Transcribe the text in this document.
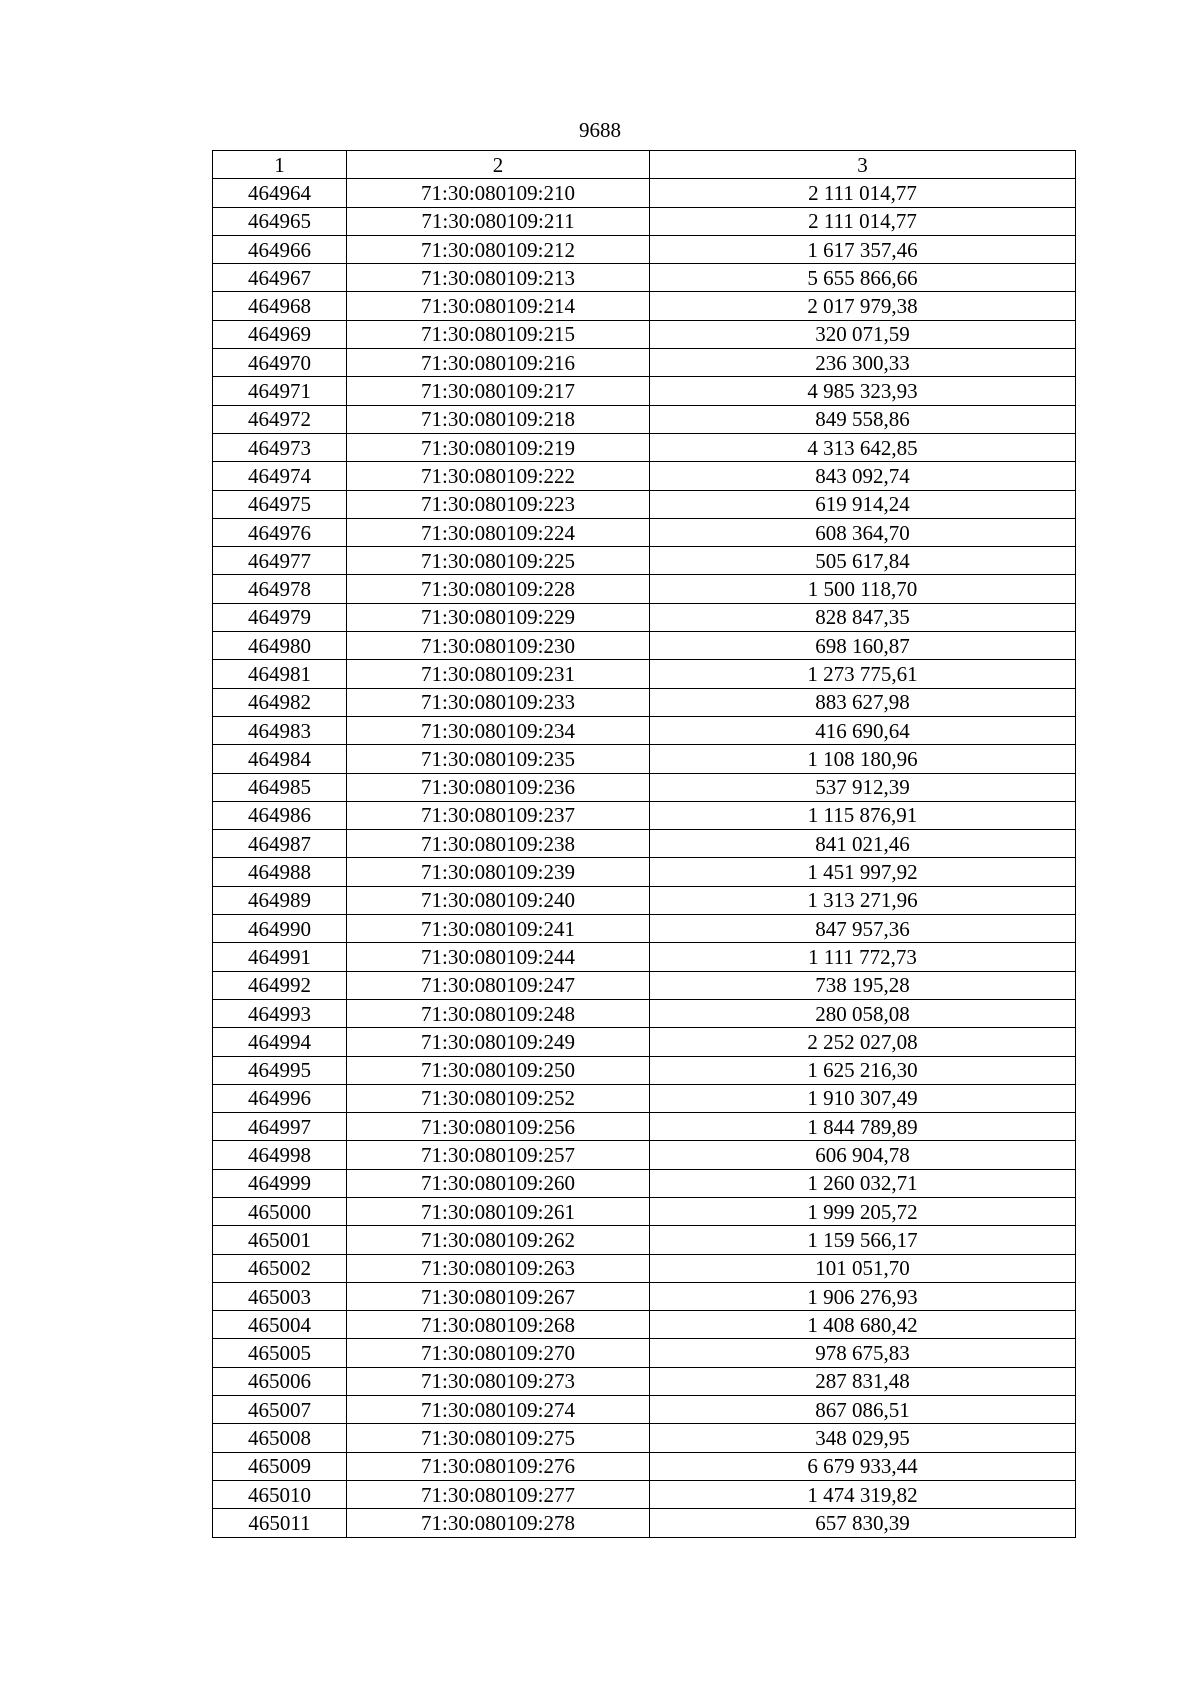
9688
1	2	3
464964	71:30:080109:210	2 111 014,77
464965	71:30:080109:211	2 111 014,77
464966	71:30:080109:212	1 617 357,46
464967	71:30:080109:213	5 655 866,66
464968	71:30:080109:214	2 017 979,38
464969	71:30:080109:215	320 071,59
464970	71:30:080109:216	236 300,33
464971	71:30:080109:217	4 985 323,93
464972	71:30:080109:218	849 558,86
464973	71:30:080109:219	4 313 642,85
464974	71:30:080109:222	843 092,74
464975	71:30:080109:223	619 914,24
464976	71:30:080109:224	608 364,70
464977	71:30:080109:225	505 617,84
464978	71:30:080109:228	1 500 118,70
464979	71:30:080109:229	828 847,35
464980	71:30:080109:230	698 160,87
464981	71:30:080109:231	1 273 775,61
464982	71:30:080109:233	883 627,98
464983	71:30:080109:234	416 690,64
464984	71:30:080109:235	1 108 180,96
464985	71:30:080109:236	537 912,39
464986	71:30:080109:237	1 115 876,91
464987	71:30:080109:238	841 021,46
464988	71:30:080109:239	1 451 997,92
464989	71:30:080109:240	1 313 271,96
464990	71:30:080109:241	847 957,36
464991	71:30:080109:244	1 111 772,73
464992	71:30:080109:247	738 195,28
464993	71:30:080109:248	280 058,08
464994	71:30:080109:249	2 252 027,08
464995	71:30:080109:250	1 625 216,30
464996	71:30:080109:252	1 910 307,49
464997	71:30:080109:256	1 844 789,89
464998	71:30:080109:257	606 904,78
464999	71:30:080109:260	1 260 032,71
465000	71:30:080109:261	1 999 205,72
465001	71:30:080109:262	1 159 566,17
465002	71:30:080109:263	101 051,70
465003	71:30:080109:267	1 906 276,93
465004	71:30:080109:268	1 408 680,42
465005	71:30:080109:270	978 675,83
465006	71:30:080109:273	287 831,48
465007	71:30:080109:274	867 086,51
465008	71:30:080109:275	348 029,95
465009	71:30:080109:276	6 679 933,44
465010	71:30:080109:277	1 474 319,82
465011	71:30:080109:278	657 830,39
